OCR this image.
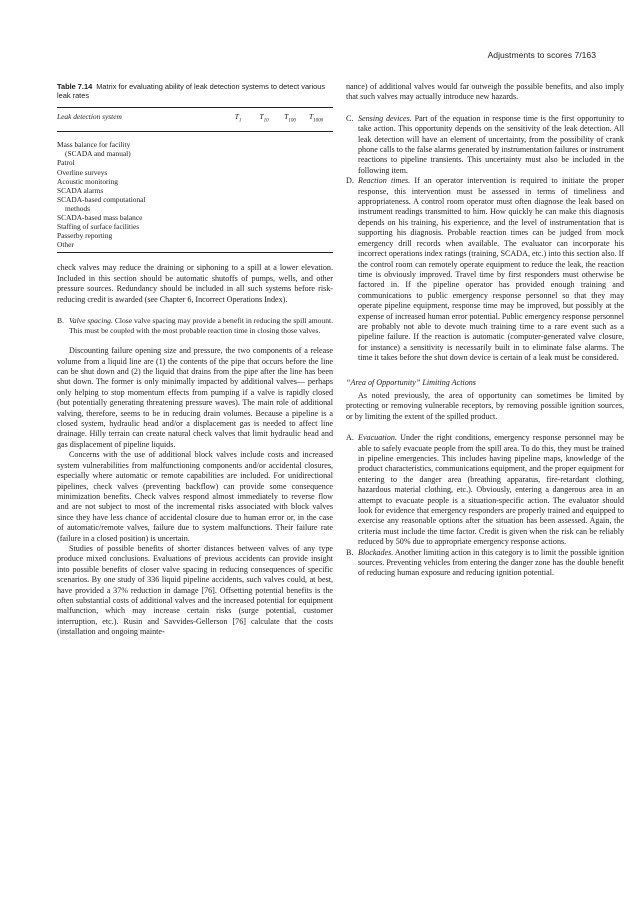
Adjustments to scores 7/163
Table 7.14 Matrix for evaluating ability of leak detection systems to detect various leak rates
Leak detection system	$T_1$	$T_{10}$	$T_{100}$	$T_{1000}$
Mass balance for facility
(SCADA and manual)
Patrol
Overline surveys
Acoustic monitoring
SCADA alarms
SCADA-based computational
methods
SCADA-based mass balance
Staffing of surface facilities
Passerby reporting
Other

check valves may reduce the draining or siphoning to a spill at a lower elevation. Included in this section should be automatic shutoffs of pumps, wells, and other pressure sources. Redundancy should be included in all such systems before risk-reducing credit is awarded (see Chapter 6, Incorrect Operations Index).

B. Valve spacing. Close valve spacing may provide a benefit in reducing the spill amount. This must be coupled with the most probable reaction time in closing those valves.

Discounting failure opening size and pressure, the two components of a release volume from a liquid line are (1) the contents of the pipe that occurs before the line can be shut down and (2) the liquid that drains from the pipe after the line has been shut down. The former is only minimally impacted by additional valves— perhaps only helping to stop momentum effects from pumping if a valve is rapidly closed (but potentially generating threatening pressure waves). The main role of additional valving, therefore, seems to be in reducing drain volumes. Because a pipeline is a closed system, hydraulic head and/or a displacement gas is needed to affect line drainage. Hilly terrain can create natural check valves that limit hydraulic head and gas displacement of pipeline liquids.

Concerns with the use of additional block valves include costs and increased system vulnerabilities from malfunctioning components and/or accidental closures, especially where automatic or remote capabilities are included. For unidirectional pipelines, check valves (preventing backflow) can provide some consequence minimization benefits. Check valves respond almost immediately to reverse flow and are not subject to most of the incremental risks associated with block valves since they have less chance of accidental closure due to human error or, in the case of automatic/remote valves, failure due to system malfunctions. Their failure rate (failure in a closed position) is uncertain.

Studies of possible benefits of shorter distances between valves of any type produce mixed conclusions. Evaluations of previous accidents can provide insight into possible benefits of closer valve spacing in reducing consequences of specific scenarios. By one study of 336 liquid pipeline accidents, such valves could, at best, have provided a 37% reduction in damage [76]. Offsetting potential benefits is the often substantial costs of additional valves and the increased potential for equipment malfunction, which may increase certain risks (surge potential, customer interruption, etc.). Rusin and Savvides-Gellerson [76] calculate that the costs (installation and ongoing mainte-

nance) of additional valves would far outweigh the possible benefits, and also imply that such valves may actually introduce new hazards.

C. Sensing devices. Part of the equation in response time is the first opportunity to take action. This opportunity depends on the sensitivity of the leak detection. All leak detection will have an element of uncertainty, from the possibility of crank phone calls to the false alarms generated by instrumentation failures or instrument reactions to pipeline transients. This uncertainty must also be included in the following item.
D. Reaction times. If an operator intervention is required to initiate the proper response, this intervention must be assessed in terms of timeliness and appropriateness. A control room operator must often diagnose the leak based on instrument readings transmitted to him. How quickly he can make this diagnosis depends on his training, his experience, and the level of instrumentation that is supporting his diagnosis. Probable reaction times can be judged from mock emergency drill records when available. The evaluator can incorporate his incorrect operations index ratings (training, SCADA, etc.) into this section also. If the control room can remotely operate equipment to reduce the leak, the reaction time is obviously improved. Travel time by first responders must otherwise be factored in. If the pipeline operator has provided enough training and communications to public emergency response personnel so that they may operate pipeline equipment, response time may be improved, but possibly at the expense of increased human error potential. Public emergency response personnel are probably not able to devote much training time to a rare event such as a pipeline failure. If the reaction is automatic (computer-generated valve closure, for instance) a sensitivity is necessarily built in to eliminate false alarms. The time it takes before the shut down device is certain of a leak must be considered.
“Area of Opportunity” Limiting Actions

As noted previously, the area of opportunity can sometimes be limited by protecting or removing vulnerable receptors, by removing possible ignition sources, or by limiting the extent of the spilled product.

A. Evacuation. Under the right conditions, emergency response personnel may be able to safely evacuate people from the spill area. To do this, they must be trained in pipeline emergencies. This includes having pipeline maps, knowledge of the product characteristics, communications equipment, and the proper equipment for entering to the danger area (breathing apparatus, fire-retardant clothing, hazardous material clothing, etc.). Obviously, entering a dangerous area in an attempt to evacuate people is a situation-specific action. The evaluator should look for evidence that emergency responders are properly trained and equipped to exercise any reasonable options after the situation has been assessed. Again, the criteria must include the time factor. Credit is given when the risk can be reliably reduced by 50% due to appropriate emergency response actions.
B. Blockades. Another limiting action in this category is to limit the possible ignition sources. Preventing vehicles from entering the danger zone has the double benefit of reducing human exposure and reducing ignition potential.
